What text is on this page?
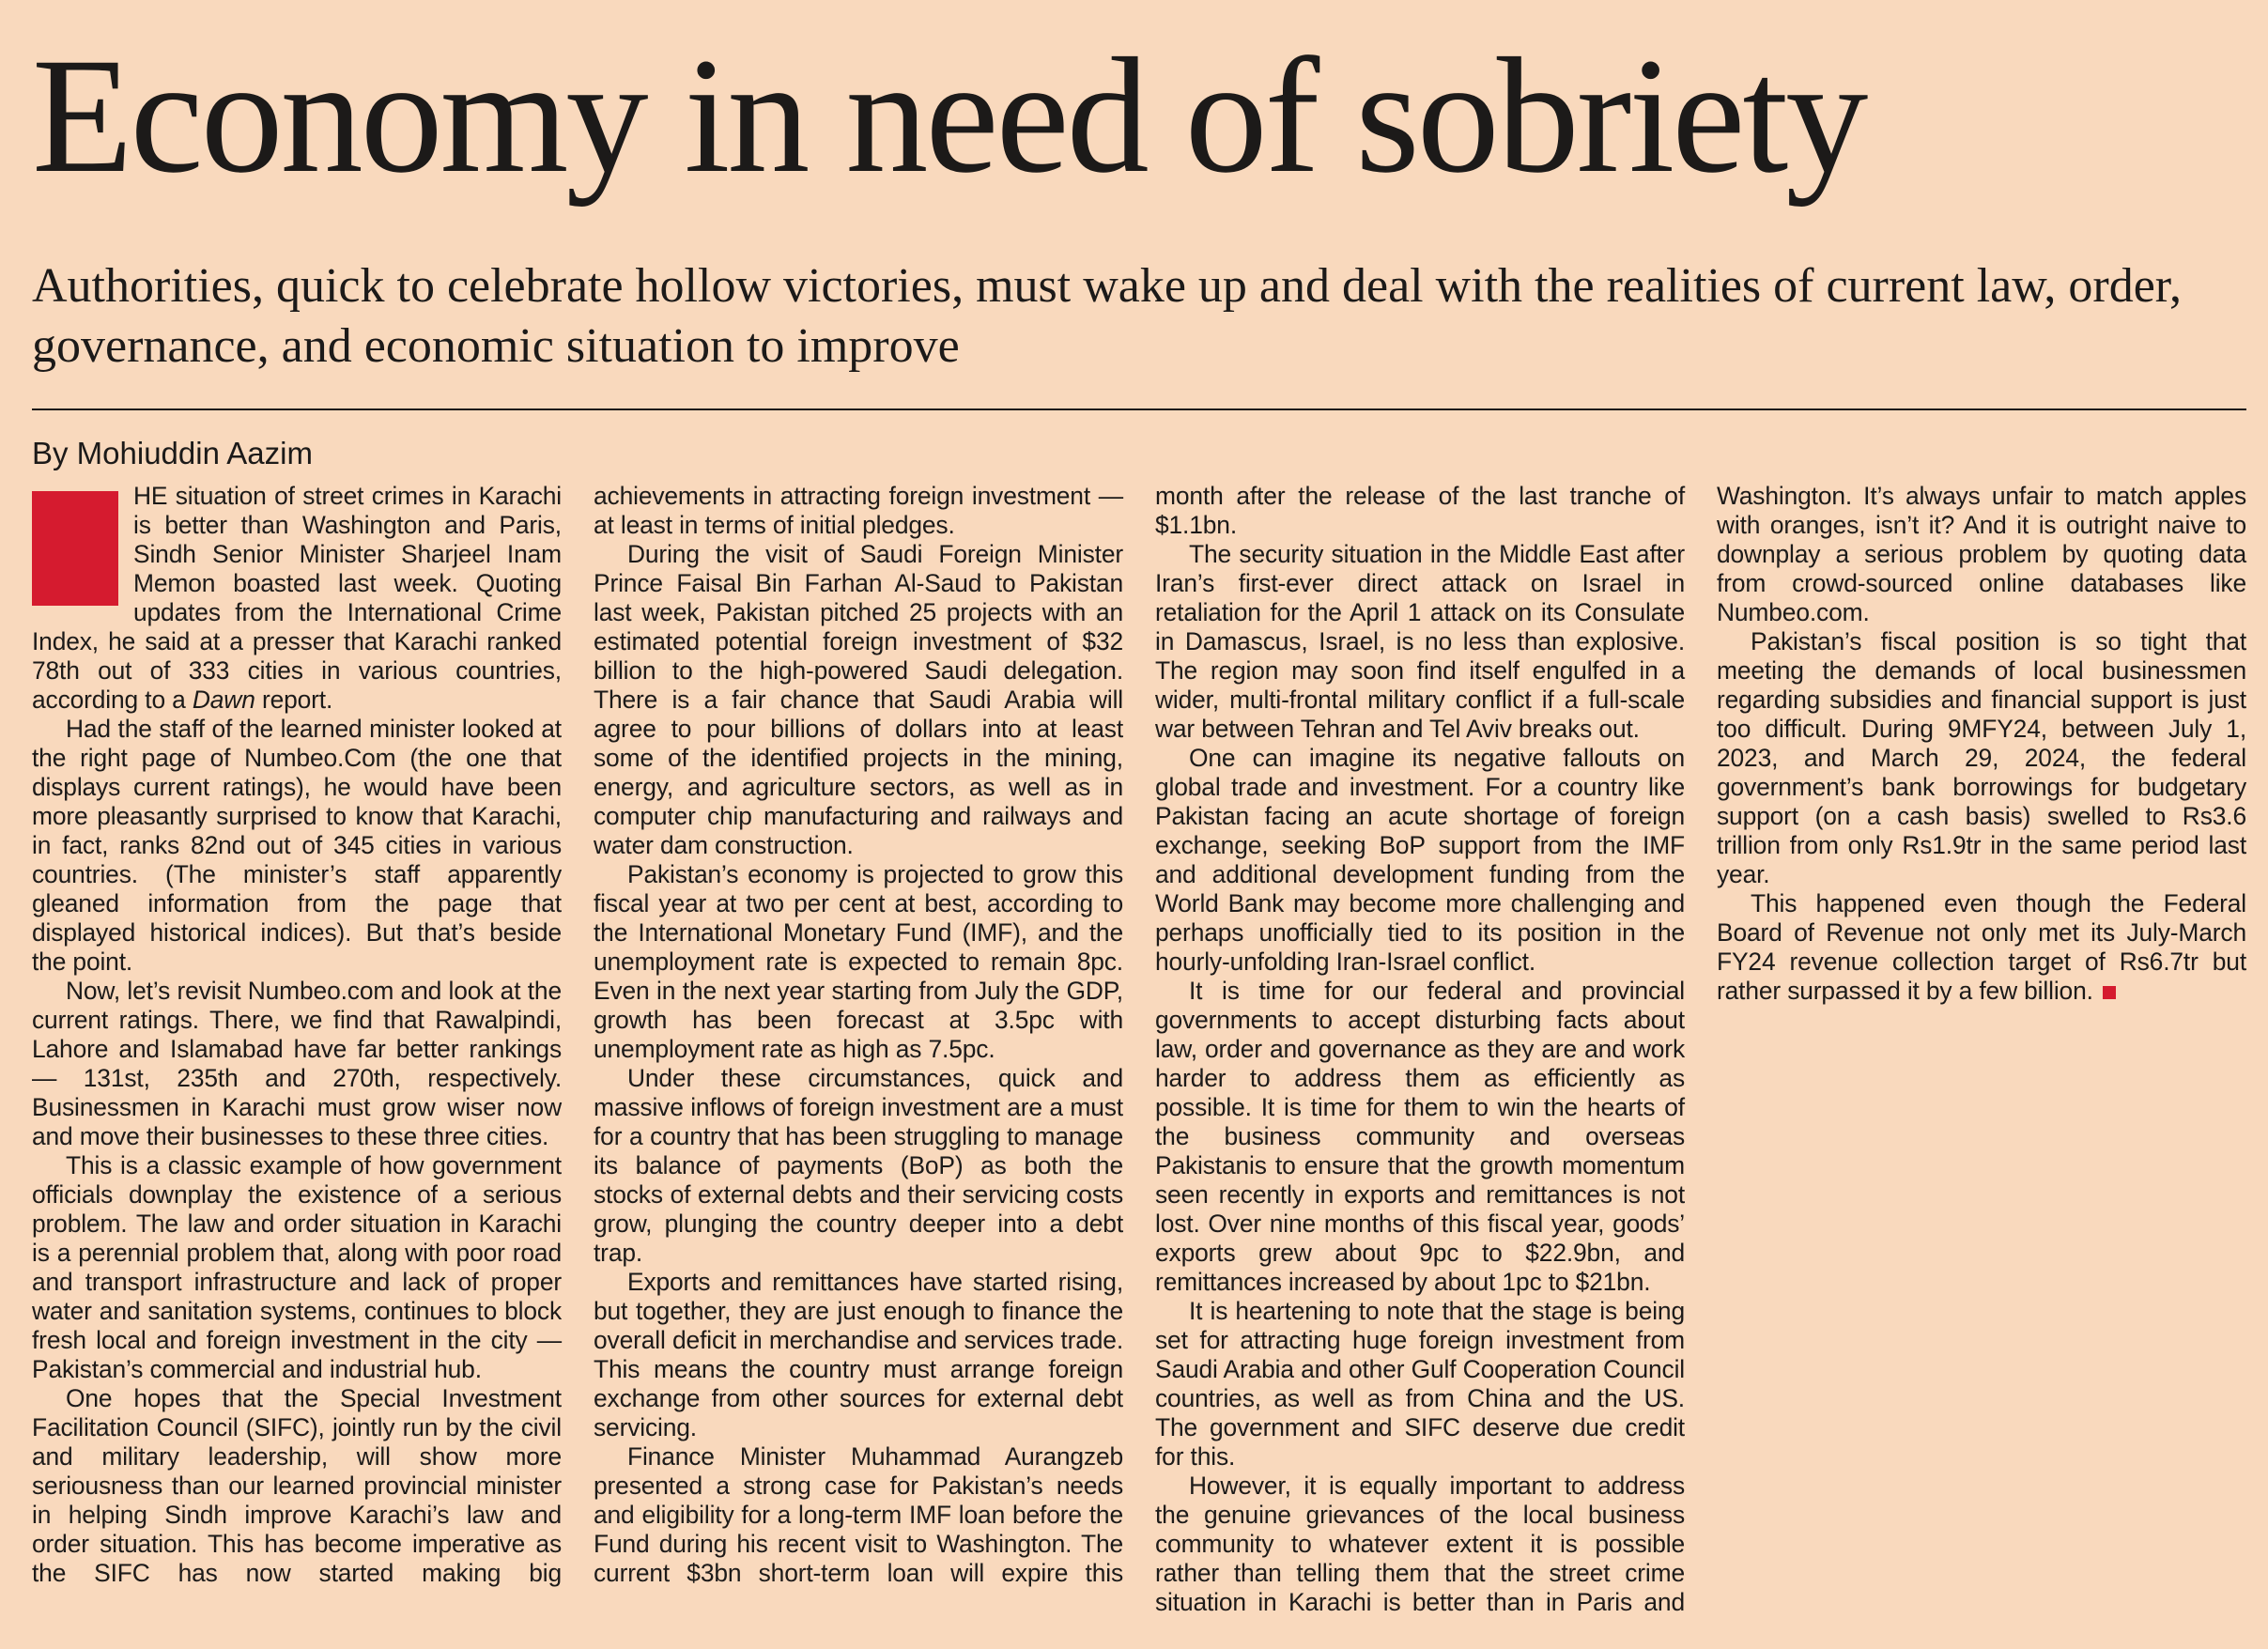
Economy in need of sobriety
Authorities, quick to celebrate hollow victories, must wake up and deal with the realities of current law, order, governance, and economic situation to improve
By Mohiuddin Aazim

HE situation of street crimes in Karachi is better than Washington and Paris, Sindh Senior Minister Sharjeel Inam Memon boasted last week. Quoting updates from the International Crime Index, he said at a presser that Karachi ranked 78th out of 333 cities in various countries, according to a Dawn report.

Had the staff of the learned minister looked at the right page of Numbeo.Com (the one that displays current ratings), he would have been more pleasantly surprised to know that Karachi, in fact, ranks 82nd out of 345 cities in various countries. (The minister’s staff apparently gleaned information from the page that displayed historical indices). But that’s beside the point.

Now, let’s revisit Numbeo.com and look at the current ratings. There, we find that Rawalpindi, Lahore and Islamabad have far better rankings — 131st, 235th and 270th, respectively. Businessmen in Karachi must grow wiser now and move their businesses to these three cities.

This is a classic example of how government officials downplay the existence of a serious problem. The law and order situation in Karachi is a perennial problem that, along with poor road and transport infrastructure and lack of proper water and sanitation systems, continues to block fresh local and foreign investment in the city — Pakistan’s commercial and industrial hub.

One hopes that the Special Investment Facilitation Council (SIFC), jointly run by the civil and military leadership, will show more seriousness than our learned provincial minister in helping Sindh improve Karachi’s law and order situation. This has become imperative as the SIFC has now started making big achievements in attracting foreign investment — at least in terms of initial pledges.

During the visit of Saudi Foreign Minister Prince Faisal Bin Farhan Al-Saud to Pakistan last week, Pakistan pitched 25 projects with an estimated potential foreign investment of $32 billion to the high-powered Saudi delegation. There is a fair chance that Saudi Arabia will agree to pour billions of dollars into at least some of the identified projects in the mining, energy, and agriculture sectors, as well as in computer chip manufacturing and railways and water dam construction.

Pakistan’s economy is projected to grow this fiscal year at two per cent at best, according to the International Monetary Fund (IMF), and the unemployment rate is expected to remain 8pc. Even in the next year starting from July the GDP, growth has been forecast at 3.5pc with unemployment rate as high as 7.5pc.

Under these circumstances, quick and massive inflows of foreign investment are a must for a country that has been struggling to manage its balance of payments (BoP) as both the stocks of external debts and their servicing costs grow, plunging the country deeper into a debt trap.

Exports and remittances have started rising, but together, they are just enough to finance the overall deficit in merchandise and services trade. This means the country must arrange foreign exchange from other sources for external debt servicing.

Finance Minister Muhammad Aurangzeb presented a strong case for Pakistan’s needs and eligibility for a long-term IMF loan before the Fund during his recent visit to Washington. The current $3bn short-term loan will expire this month after the release of the last tranche of $1.1bn.

The security situation in the Middle East after Iran’s first-ever direct attack on Israel in retaliation for the April 1 attack on its Consulate in Damascus, Israel, is no less than explosive. The region may soon find itself engulfed in a wider, multi-frontal military conflict if a full-scale war between Tehran and Tel Aviv breaks out.

One can imagine its negative fallouts on global trade and investment. For a country like Pakistan facing an acute shortage of foreign exchange, seeking BoP support from the IMF and additional development funding from the World Bank may become more challenging and perhaps unofficially tied to its position in the hourly-unfolding Iran-Israel conflict.

It is time for our federal and provincial governments to accept disturbing facts about law, order and governance as they are and work harder to address them as efficiently as possible. It is time for them to win the hearts of the business community and overseas Pakistanis to ensure that the growth momentum seen recently in exports and remittances is not lost. Over nine months of this fiscal year, goods’ exports grew about 9pc to $22.9bn, and remittances increased by about 1pc to $21bn.

It is heartening to note that the stage is being set for attracting huge foreign investment from Saudi Arabia and other Gulf Cooperation Council countries, as well as from China and the US. The government and SIFC deserve due credit for this.

However, it is equally important to address the genuine grievances of the local business community to whatever extent it is possible rather than telling them that the street crime situation in Karachi is better than in Paris and Washington. It’s always unfair to match apples with oranges, isn’t it? And it is outright naive to downplay a serious problem by quoting data from crowd-sourced online databases like Numbeo.com.

Pakistan’s fiscal position is so tight that meeting the demands of local businessmen regarding subsidies and financial support is just too difficult. During 9MFY24, between July 1, 2023, and March 29, 2024, the federal government’s bank borrowings for budgetary support (on a cash basis) swelled to Rs3.6 trillion from only Rs1.9tr in the same period last year.

This happened even though the Federal Board of Revenue not only met its July-March FY24 revenue collection target of Rs6.7tr but rather surpassed it by a few billion.
